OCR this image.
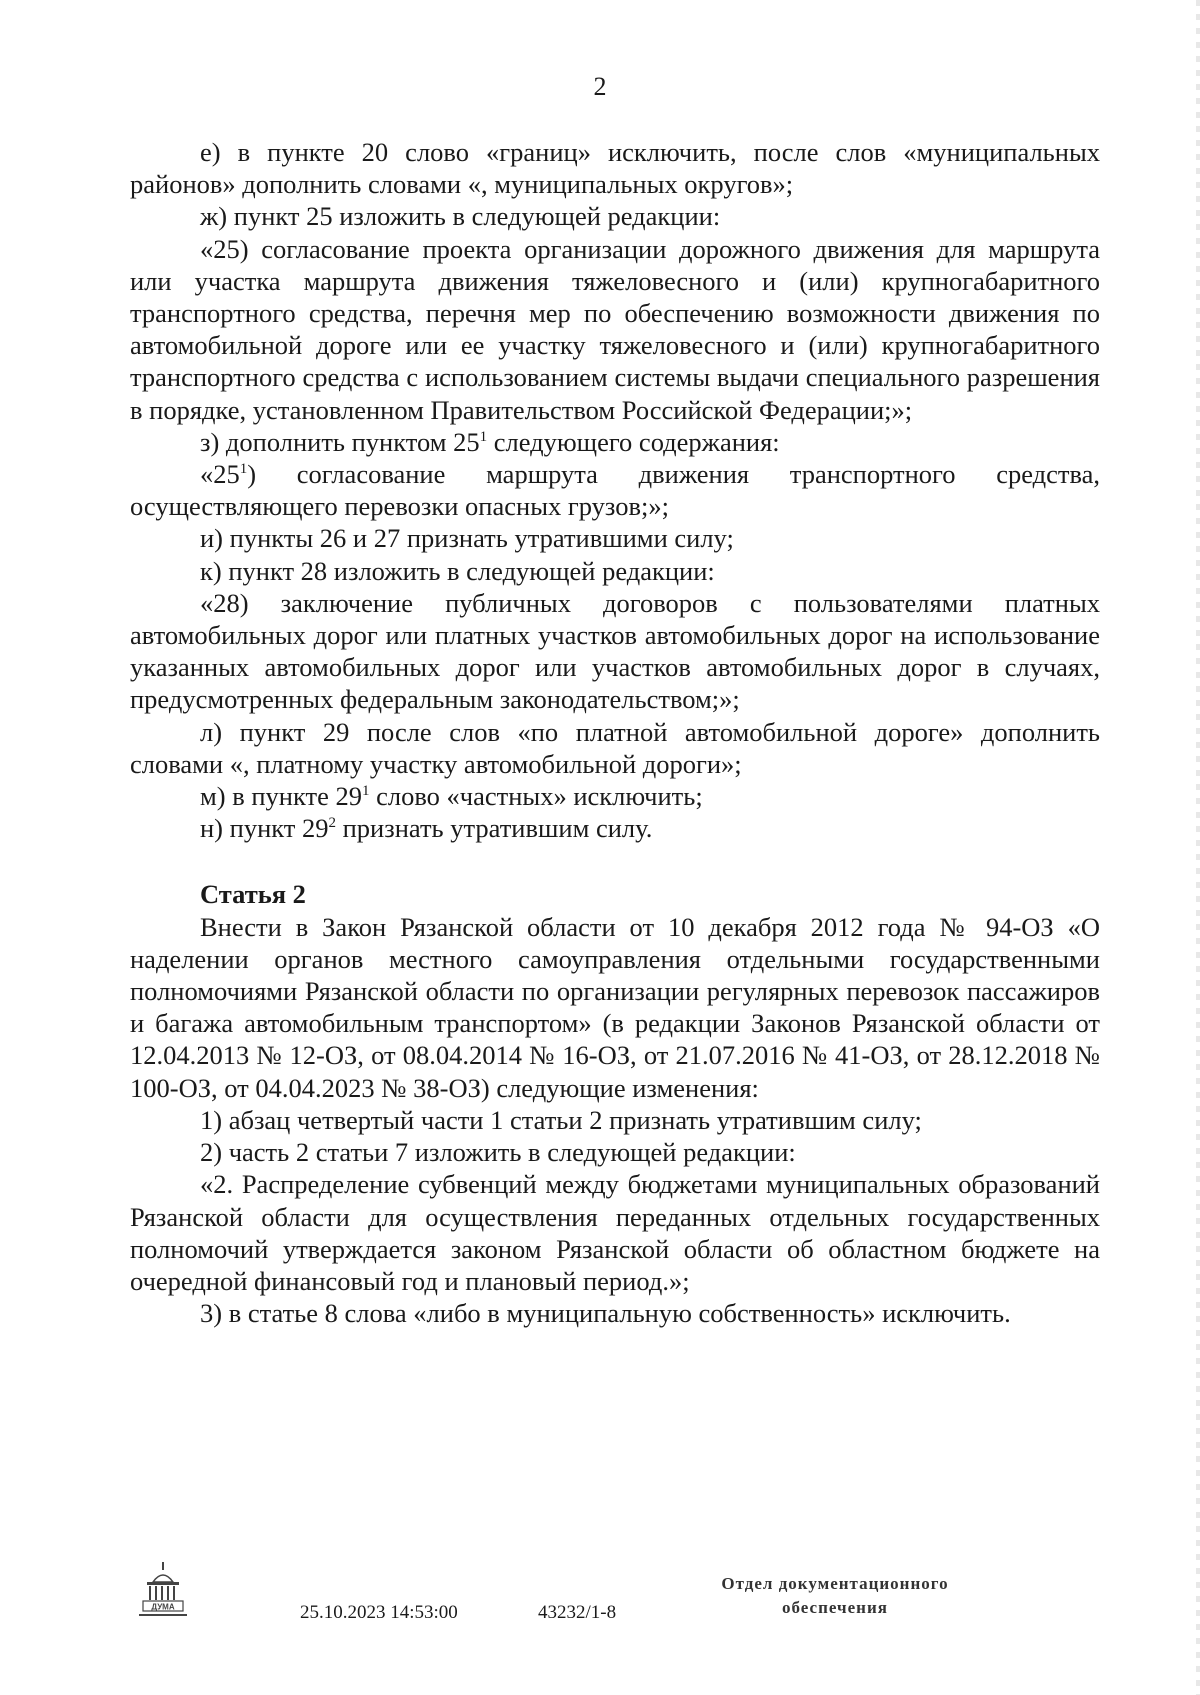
2

е) в пункте 20 слово «границ» исключить, после слов «муниципальных районов» дополнить словами «, муниципальных округов»;

ж) пункт 25 изложить в следующей редакции:

«25) согласование проекта организации дорожного движения для маршрута или участка маршрута движения тяжеловесного и (или) крупногабаритного транспортного средства, перечня мер по обеспечению возможности движения по автомобильной дороге или ее участку тяжеловесного и (или) крупногабаритного транспортного средства с использованием системы выдачи специального разрешения в порядке, установленном Правительством Российской Федерации;»;

з) дополнить пунктом $25^1$ следующего содержания:

«$25^1$) согласование маршрута движения транспортного средства, осуществляющего перевозки опасных грузов;»;

и) пункты 26 и 27 признать утратившими силу;

к) пункт 28 изложить в следующей редакции:

«28) заключение публичных договоров с пользователями платных автомобильных дорог или платных участков автомобильных дорог на использование указанных автомобильных дорог или участков автомобильных дорог в случаях, предусмотренных федеральным законодательством;»;

л) пункт 29 после слов «по платной автомобильной дороге» дополнить словами «, платному участку автомобильной дороги»;

м) в пункте $29^1$ слово «частных» исключить;

н) пункт $29^2$ признать утратившим силу.

Статья 2

Внести в Закон Рязанской области от 10 декабря 2012 года № 94-ОЗ «О наделении органов местного самоуправления отдельными государственными полномочиями Рязанской области по организации регулярных перевозок пассажиров и багажа автомобильным транспортом» (в редакции Законов Рязанской области от 12.04.2013 № 12-ОЗ, от 08.04.2014 № 16-ОЗ, от 21.07.2016 № 41-ОЗ, от 28.12.2018 № 100-ОЗ, от 04.04.2023 № 38-ОЗ) следующие изменения:

1) абзац четвертый части 1 статьи 2 признать утратившим силу;

2) часть 2 статьи 7 изложить в следующей редакции:

«2. Распределение субвенций между бюджетами муниципальных образований Рязанской области для осуществления переданных отдельных государственных полномочий утверждается законом Рязанской области об областном бюджете на очередной финансовый год и плановый период.»;

3) в статье 8 слова «либо в муниципальную собственность» исключить.

ДУМА	25.10.2023 14:53:00	43232/1-8
Отдел документационного
обеспечения
